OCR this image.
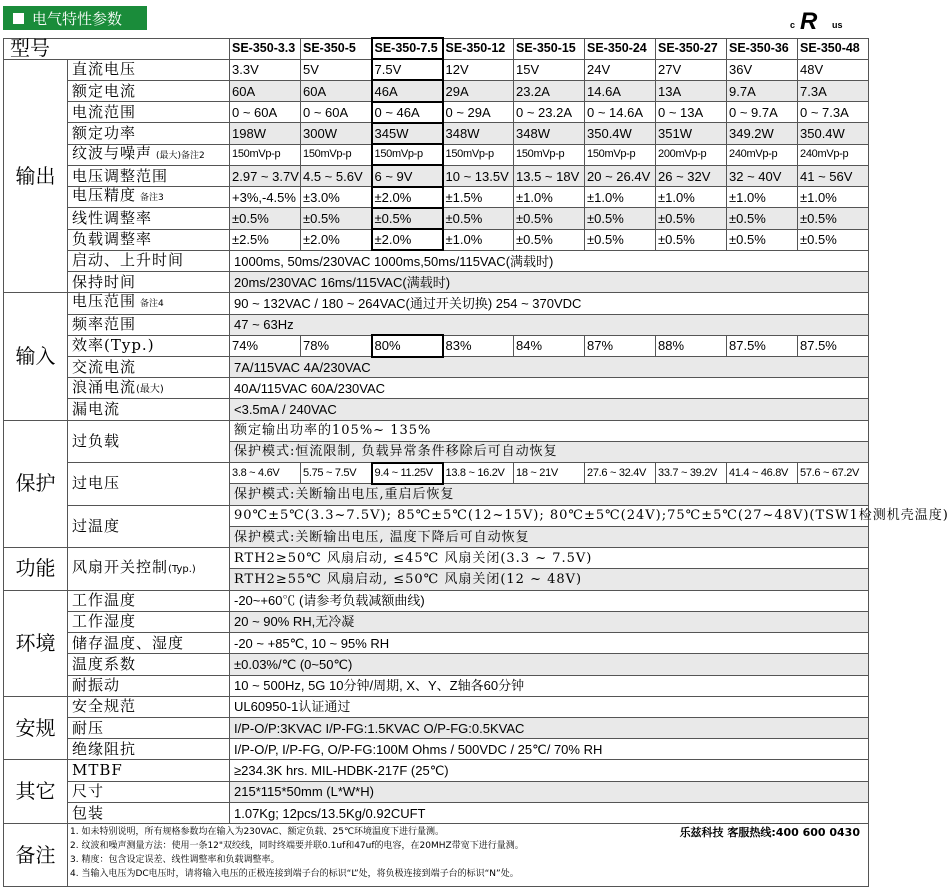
电气特性参数	c R us
型号		SE-350-3.3	SE-350-5	SE-350-7.5	SE-350-12	SE-350-15	SE-350-24	SE-350-27	SE-350-36	SE-350-48
输出	直流电压	3.3V	5V	7.5V	12V	15V	24V	27V	36V	48V
	额定电流	60A	60A	46A	29A	23.2A	14.6A	13A	9.7A	7.3A
	电流范围	0 ~ 60A	0 ~ 60A	0 ~ 46A	0 ~ 29A	0 ~ 23.2A	0 ~ 14.6A	0 ~ 13A	0 ~ 9.7A	0 ~ 7.3A
	额定功率	198W	300W	345W	348W	348W	350.4W	351W	349.2W	350.4W
	纹波与噪声 (最大)备注2	150mVp-p	150mVp-p	150mVp-p	150mVp-p	150mVp-p	150mVp-p	200mVp-p	240mVp-p	240mVp-p
	电压调整范围	2.97 ~ 3.7V	4.5 ~ 5.6V	6 ~ 9V	10 ~ 13.5V	13.5 ~ 18V	20 ~ 26.4V	26 ~ 32V	32 ~ 40V	41 ~ 56V
	电压精度 备注3	+3%,-4.5%	±3.0%	±2.0%	±1.5%	±1.0%	±1.0%	±1.0%	±1.0%	±1.0%
	线性调整率	±0.5%	±0.5%	±0.5%	±0.5%	±0.5%	±0.5%	±0.5%	±0.5%	±0.5%
	负载调整率	±2.5%	±2.0%	±2.0%	±1.0%	±0.5%	±0.5%	±0.5%	±0.5%	±0.5%
	启动、上升时间	1000ms, 50ms/230VAC 1000ms,50ms/115VAC(满载时)								
	保持时间	20ms/230VAC 16ms/115VAC(满载时)								
输入	电压范围 备注4	90 ~ 132VAC / 180 ~ 264VAC(通过开关切换) 254 ~ 370VDC								
	频率范围	47 ~ 63Hz								
	效率(Typ.)	74%	78%	80%	83%	84%	87%	88%	87.5%	87.5%
	交流电流	7A/115VAC 4A/230VAC								
	浪涌电流(最大)	40A/115VAC 60A/230VAC								
	漏电流	<3.5mA / 240VAC								
保护	过负载	额定输出功率的105%~ 135%								
		保护模式:恒流限制, 负载异常条件移除后可自动恢复								
	过电压	3.8 ~ 4.6V	5.75 ~ 7.5V	9.4 ~ 11.25V	13.8 ~ 16.2V	18 ~ 21V	27.6 ~ 32.4V	33.7 ~ 39.2V	41.4 ~ 46.8V	57.6 ~ 67.2V
		保护模式:关断输出电压,重启后恢复								
	过温度	90℃±5℃(3.3~7.5V); 85℃±5℃(12~15V); 80℃±5℃(24V);75℃±5℃(27~48V)(TSW1检测机壳温度)								
		保护模式:关断输出电压, 温度下降后可自动恢复								
功能	风扇开关控制(Typ.)	RTH2≥50℃ 风扇启动, ≤45℃ 风扇关闭(3.3 ~ 7.5V)								
		RTH2≥55℃ 风扇启动, ≤50℃ 风扇关闭(12 ~ 48V)								
环境	工作温度	-20~+60℃ (请参考负载减额曲线)								
	工作湿度	20 ~ 90% RH,无冷凝								
	储存温度、湿度	-20 ~ +85℃, 10 ~ 95% RH								
	温度系数	±0.03%/℃ (0~50℃)								
	耐振动	10 ~ 500Hz, 5G 10分钟/周期, X、Y、Z轴各60分钟								
安规	安全规范	UL60950-1认证通过								
	耐压	I/P-O/P:3KVAC I/P-FG:1.5KVAC O/P-FG:0.5KVAC								
	绝缘阻抗	I/P-O/P, I/P-FG, O/P-FG:100M Ohms / 500VDC / 25℃/ 70% RH								
其它	MTBF	≥234.3K hrs. MIL-HDBK-217F (25℃)								
	尺寸	215*115*50mm (L*W*H)								
	包装	1.07Kg; 12pcs/13.5Kg/0.92CUFT								
备注	1. 如未特别说明，所有规格参数均在输入为230VAC、额定负载、25℃环境温度下进行量测。
2. 纹波和噪声测量方法：使用一条12"双绞线，同时终端要并联0.1uf和47uf的电容，在20MHZ带宽下进行量测。
3. 精度：包含设定误差、线性调整率和负载调整率。
4. 当输入电压为DC电压时，请将输入电压的正极连接到端子台的标识“L”处，将负极连接到端子台的标识“N”处。
乐兹科技 客服热线:400 600 0430									
